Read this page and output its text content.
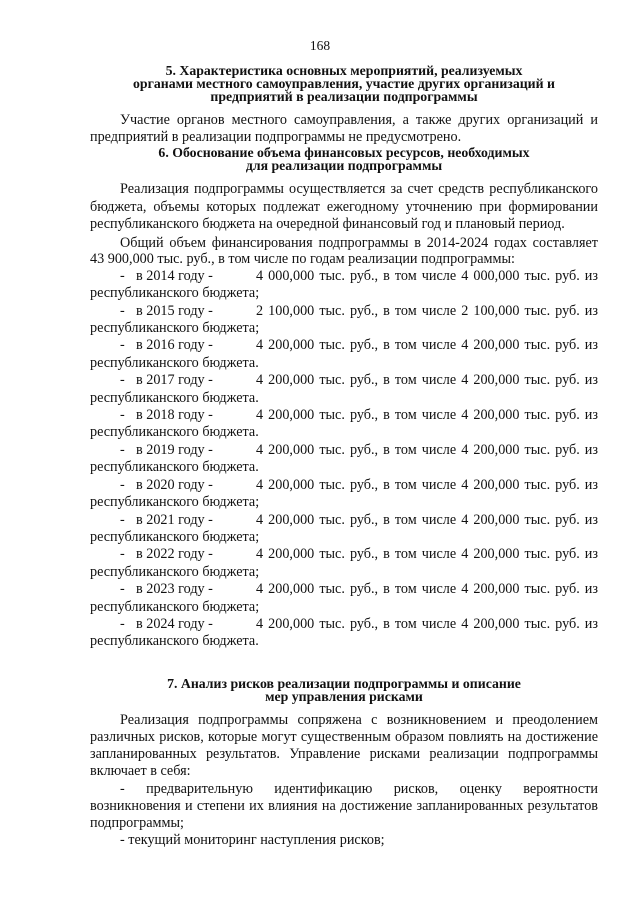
168

5. Характеристика основных мероприятий, реализуемых

органами местного самоуправления, участие других организаций и

предприятий в реализации подпрограммы

Участие органов местного самоуправления, а также других организаций и предприятий в реализации подпрограммы не предусмотрено.

6. Обоснование объема финансовых ресурсов, необходимых

для реализации подпрограммы

Реализация подпрограммы осуществляется за счет средств республиканского бюджета, объемы которых подлежат ежегодному уточнению при формировании республиканского бюджета на очередной финансовый год и плановый период.

Общий объем финансирования подпрограммы в 2014-2024 годах составляет 43 900,000 тыс. руб., в том числе по годам реализации подпрограммы:

- в 2014 году -	4 000,000 тыс. руб., в том числе 4 000,000 тыс. руб. из
республиканского бюджета;
- в 2015 году -	2 100,000 тыс. руб., в том числе 2 100,000 тыс. руб. из
республиканского бюджета;
- в 2016 году -	4 200,000 тыс. руб., в том числе 4 200,000 тыс. руб. из
республиканского бюджета.
- в 2017 году -	4 200,000 тыс. руб., в том числе 4 200,000 тыс. руб. из
республиканского бюджета.
- в 2018 году -	4 200,000 тыс. руб., в том числе 4 200,000 тыс. руб. из
республиканского бюджета.
- в 2019 году -	4 200,000 тыс. руб., в том числе 4 200,000 тыс. руб. из
республиканского бюджета.
- в 2020 году -	4 200,000 тыс. руб., в том числе 4 200,000 тыс. руб. из
республиканского бюджета;
- в 2021 году -	4 200,000 тыс. руб., в том числе 4 200,000 тыс. руб. из
республиканского бюджета;
- в 2022 году -	4 200,000 тыс. руб., в том числе 4 200,000 тыс. руб. из
республиканского бюджета;
- в 2023 году -	4 200,000 тыс. руб., в том числе 4 200,000 тыс. руб. из
республиканского бюджета;
- в 2024 году -	4 200,000 тыс. руб., в том числе 4 200,000 тыс. руб. из
республиканского бюджета.

7. Анализ рисков реализации подпрограммы и описание

мер управления рисками

Реализация подпрограммы сопряжена с возникновением и преодолением различных рисков, которые могут существенным образом повлиять на достижение запланированных результатов. Управление рисками реализации подпрограммы включает в себя:

- предварительную идентификацию рисков, оценку вероятности возникновения и степени их влияния на достижение запланированных результатов подпрограммы;

- текущий мониторинг наступления рисков;
